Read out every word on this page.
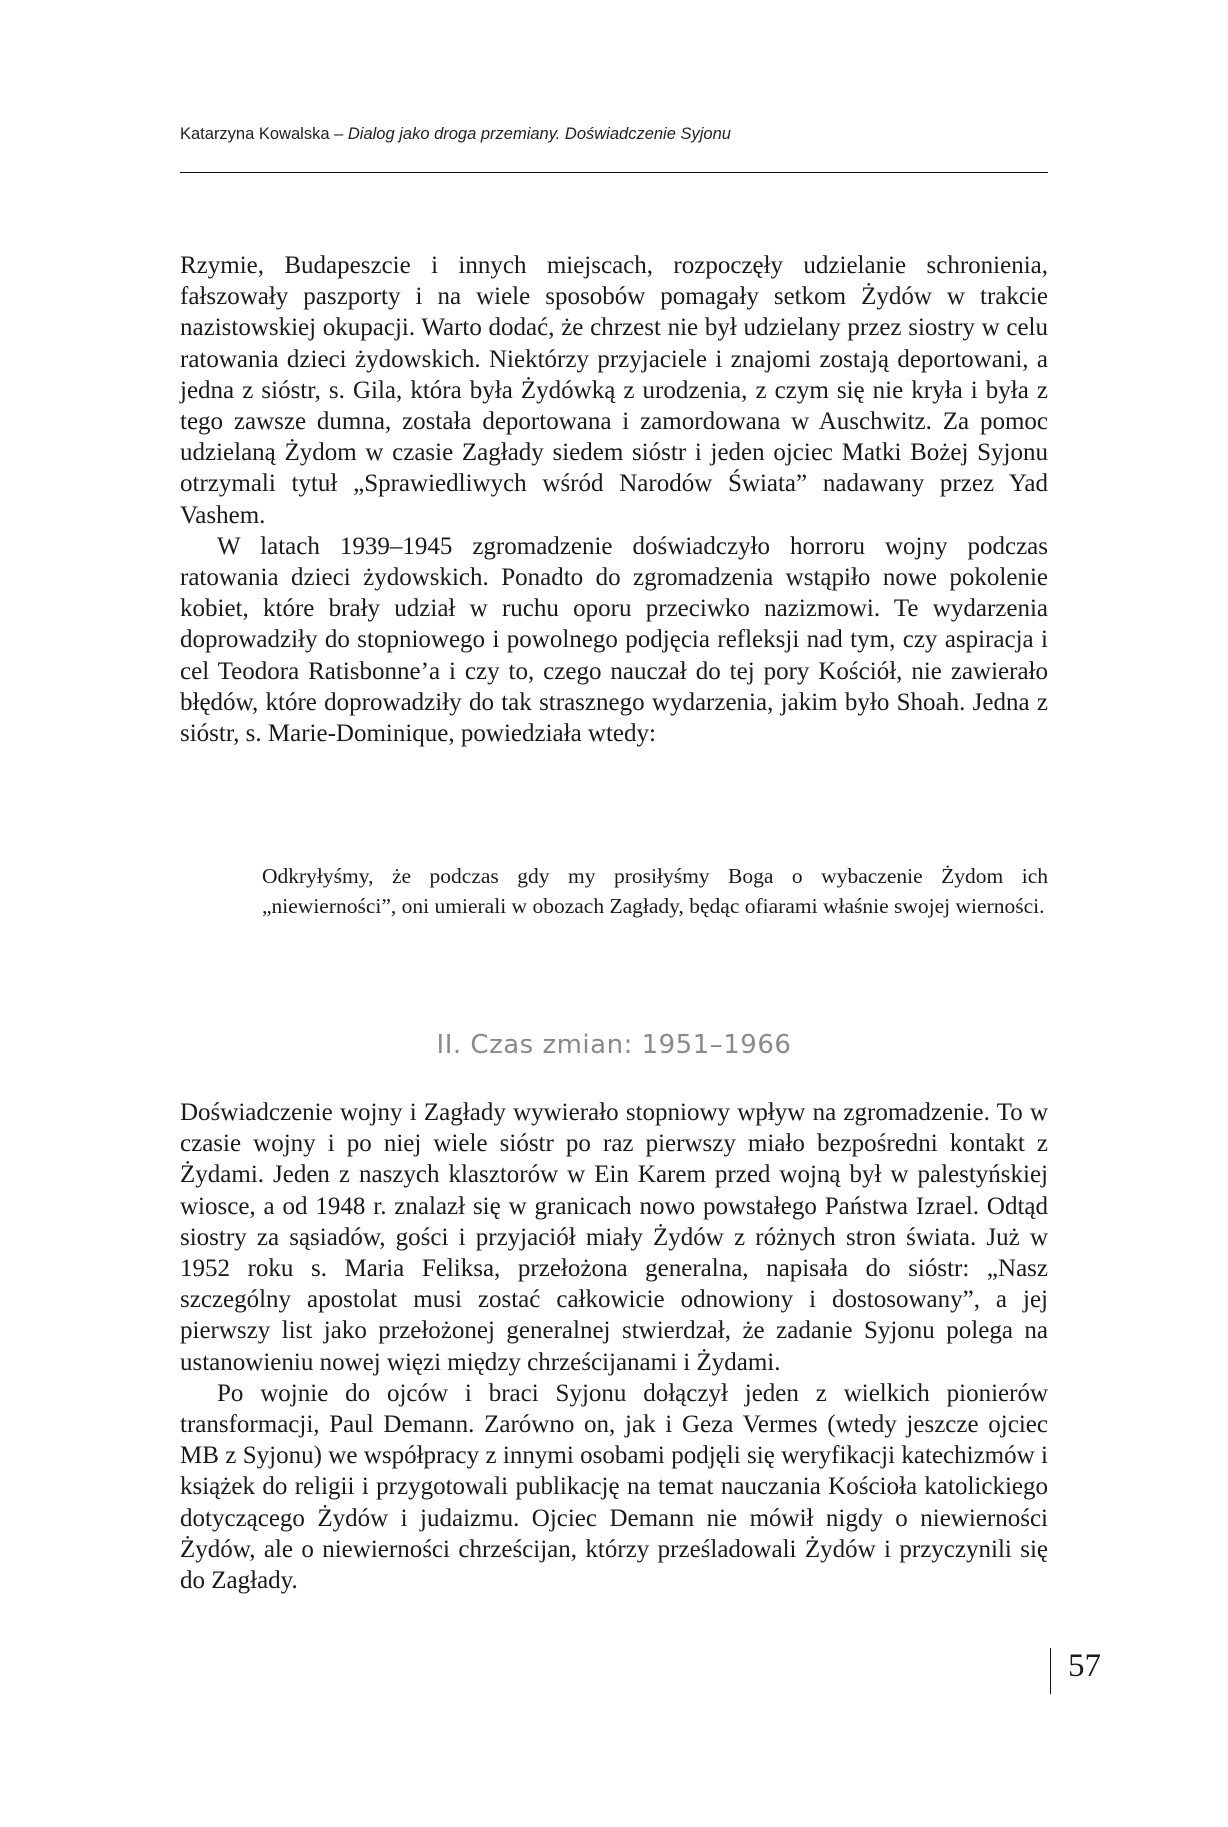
Katarzyna Kowalska – Dialog jako droga przemiany. Doświadczenie Syjonu

Rzymie, Budapeszcie i innych miejscach, rozpoczęły udzielanie schronienia, fałszowały paszporty i na wiele sposobów pomagały setkom Żydów w trakcie nazistowskiej okupacji. Warto dodać, że chrzest nie był udzielany przez siostry w celu ratowania dzieci żydowskich. Niektórzy przyjaciele i znajomi zostają deportowani, a jedna z sióstr, s. Gila, która była Żydówką z urodzenia, z czym się nie kryła i była z tego zawsze dumna, została deportowana i zamordowana w Auschwitz. Za pomoc udzielaną Żydom w czasie Zagłady siedem sióstr i jeden ojciec Matki Bożej Syjonu otrzymali tytuł „Sprawiedliwych wśród Narodów Świata” nadawany przez Yad Vashem.

W latach 1939–1945 zgromadzenie doświadczyło horroru wojny podczas ratowania dzieci żydowskich. Ponadto do zgromadzenia wstąpiło nowe pokolenie kobiet, które brały udział w ruchu oporu przeciwko nazizmowi. Te wydarzenia doprowadziły do stopniowego i powolnego podjęcia refleksji nad tym, czy aspiracja i cel Teodora Ratisbonne’a i czy to, czego nauczał do tej pory Kościół, nie zawierało błędów, które doprowadziły do tak strasznego wydarzenia, jakim było Shoah. Jedna z sióstr, s. Marie-Dominique, powiedziała wtedy:

Odkryłyśmy, że podczas gdy my prosiłyśmy Boga o wybaczenie Żydom ich „niewierności”, oni umierali w obozach Zagłady, będąc ofiarami właśnie swojej wierności.

II. Czas zmian: 1951–1966

Doświadczenie wojny i Zagłady wywierało stopniowy wpływ na zgromadzenie. To w czasie wojny i po niej wiele sióstr po raz pierwszy miało bezpośredni kontakt z Żydami. Jeden z naszych klasztorów w Ein Karem przed wojną był w palestyńskiej wiosce, a od 1948 r. znalazł się w granicach nowo powstałego Państwa Izrael. Odtąd siostry za sąsiadów, gości i przyjaciół miały Żydów z różnych stron świata. Już w 1952 roku s. Maria Feliksa, przełożona generalna, napisała do sióstr: „Nasz szczególny apostolat musi zostać całkowicie odnowiony i dostosowany”, a jej pierwszy list jako przełożonej generalnej stwierdzał, że zadanie Syjonu polega na ustanowieniu nowej więzi między chrześcijanami i Żydami.

Po wojnie do ojców i braci Syjonu dołączył jeden z wielkich pionierów transformacji, Paul Demann. Zarówno on, jak i Geza Vermes (wtedy jeszcze ojciec MB z Syjonu) we współpracy z innymi osobami podjęli się weryfikacji katechizmów i książek do religii i przygotowali publikację na temat nauczania Kościoła katolickiego dotyczącego Żydów i judaizmu. Ojciec Demann nie mówił nigdy o niewierności Żydów, ale o niewierności chrześcijan, którzy prześladowali Żydów i przyczynili się do Zagłady.

57
